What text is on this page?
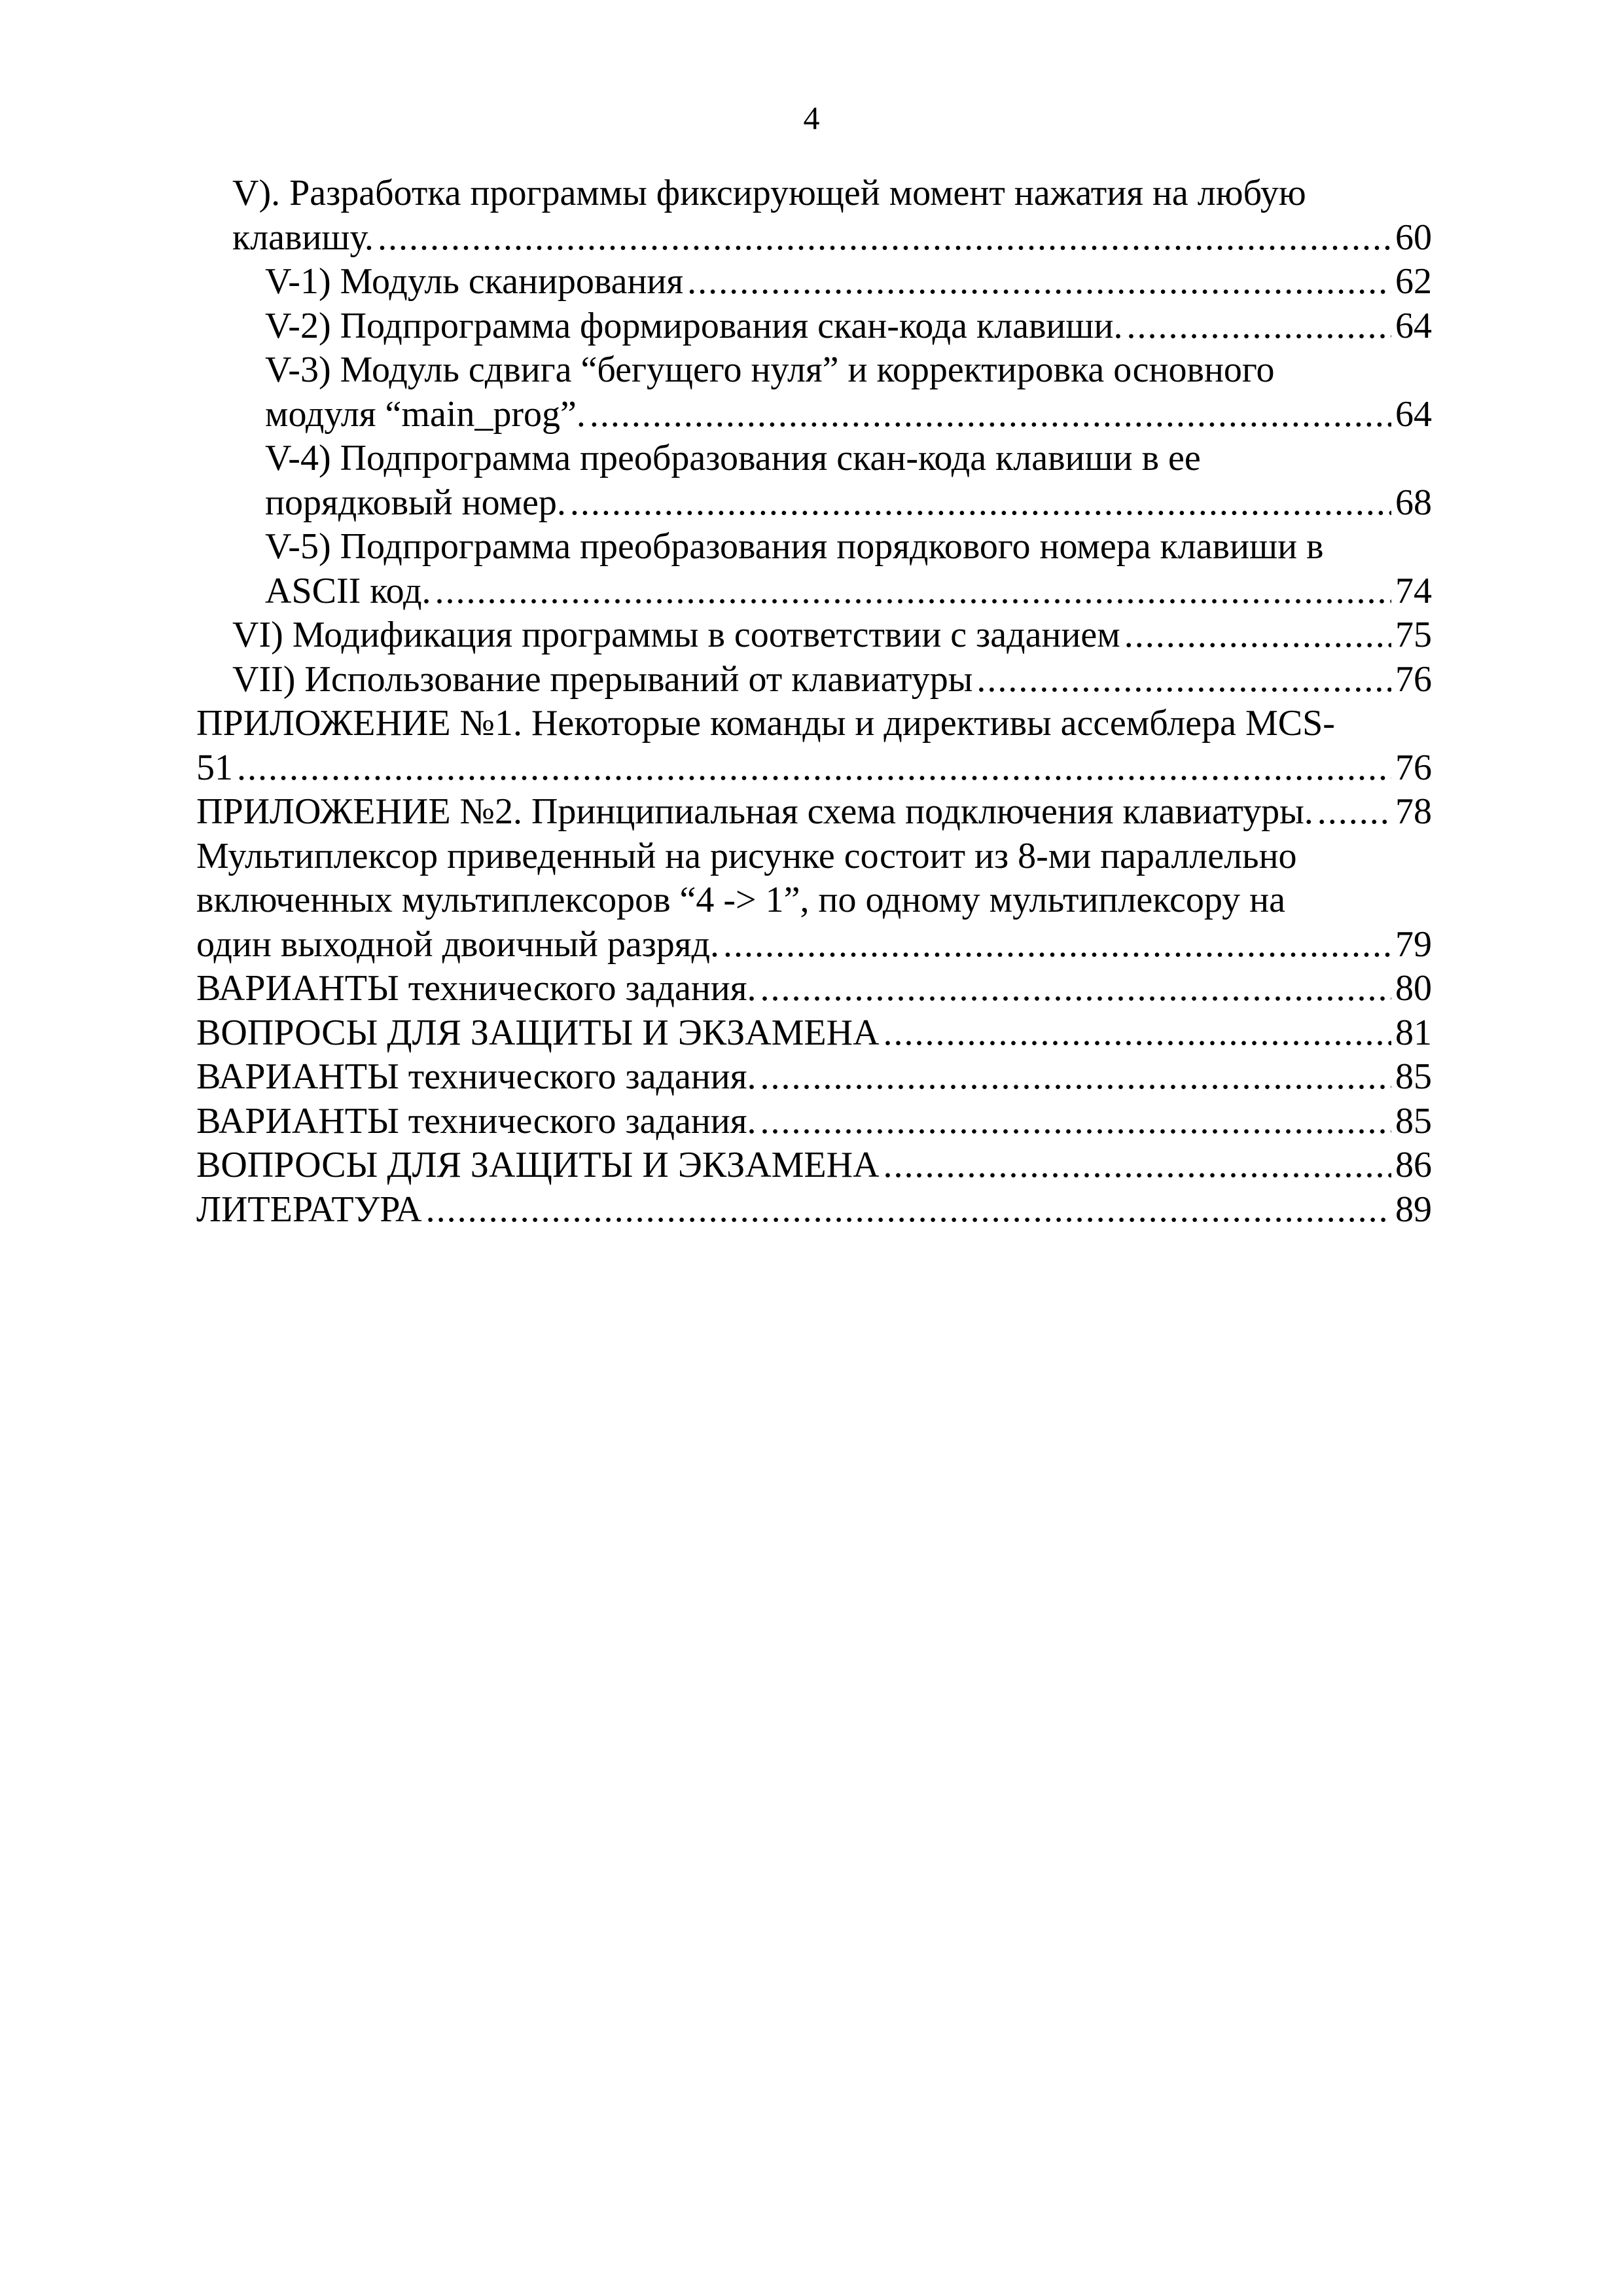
4
V). Разработка программы фиксирующей момент нажатия на любую
клавишу. .....	60
V-1) Модуль сканирования .....	62
V-2) Подпрограмма формирования скан-кода клавиши. .....	64
V-3) Модуль сдвига “бегущего нуля” и корректировка основного
модуля “main_prog”. .....	64
V-4) Подпрограмма преобразования скан-кода клавиши в ее
порядковый номер. .....	68
V-5) Подпрограмма преобразования порядкового номера клавиши в
ASCII код. .....	74
VI) Модификация программы в соответствии с заданием .....	75
VII) Использование прерываний от клавиатуры .....	76
ПРИЛОЖЕНИЕ №1. Некоторые команды и директивы ассемблера MCS-
51 .....	76
ПРИЛОЖЕНИЕ №2. Принципиальная схема подключения клавиатуры. ..... 78
Мультиплексор приведенный на рисунке состоит из 8-ми параллельно
включенных мультиплексоров “4 -> 1”, по одному мультиплексору на
один выходной двоичный разряд. .....	79
ВАРИАНТЫ технического задания. .....	80
ВОПРОСЫ ДЛЯ ЗАЩИТЫ И ЭКЗАМЕНА .....	81
ВАРИАНТЫ технического задания. .....	85
ВАРИАНТЫ технического задания. .....	85
ВОПРОСЫ ДЛЯ ЗАЩИТЫ И ЭКЗАМЕНА .....	86
ЛИТЕРАТУРА .....	89
